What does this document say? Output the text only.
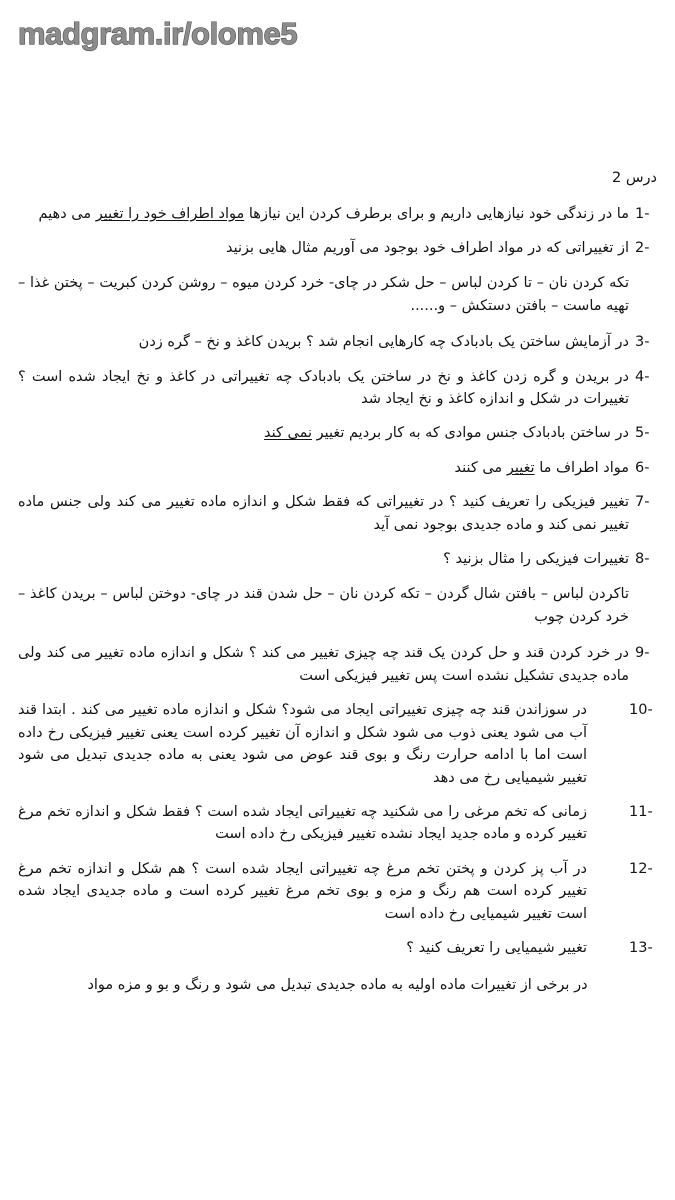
madgram.ir/olome5
درس 2
1-
ما در زندگی خود نیازهایی داریم و برای برطرف کردن این نیازها مواد اطراف خود را تغییر می دهیم
2-
از تغییراتی که در مواد اطراف خود بوجود می آوریم مثال هایی بزنید
تکه کردن نان – تا کردن لباس – حل شکر در چای- خرد کردن میوه – روشن کردن کبریت – پختن غذا – تهیه ماست – بافتن دستکش – و......
3-
در آزمایش ساختن یک بادبادک چه کارهایی انجام شد ؟ بریدن کاغذ و نخ – گره زدن
4-
در بریدن و گره زدن کاغذ و نخ در ساختن یک بادبادک چه تغییراتی در کاغذ و نخ ایجاد شده است ؟ تغییرات در شکل و اندازه کاغذ و نخ ایجاد شد
5-
در ساختن بادبادک جنس موادی که به کار بردیم تغییر نمی کند
6-
مواد اطراف ما تغییر می کنند
7-
تغییر فیزیکی را تعریف کنید ؟ در تغییراتی که فقط شکل و اندازه ماده تغییر می کند ولی جنس ماده تغییر نمی کند و ماده جدیدی بوجود نمی آید
8-
تغییرات فیزیکی را مثال بزنید ؟
تاکردن لباس – بافتن شال گردن – تکه کردن نان – حل شدن قند در چای- دوختن لباس – بریدن کاغذ – خرد کردن چوب
9-
در خرد کردن قند و حل کردن یک قند چه چیزی تغییر می کند ؟ شکل و اندازه ماده تغییر می کند ولی ماده جدیدی تشکیل نشده است پس تغییر فیزیکی است
10-
در سوزاندن قند چه چیزی تغییراتی ایجاد می شود؟ شکل و اندازه ماده تغییر می کند . ابتدا قند آب می شود یعنی ذوب می شود شکل و اندازه آن تغییر کرده است یعنی تغییر فیزیکی رخ داده است اما با ادامه حرارت رنگ و بوی قند عوض می شود یعنی به ماده جدیدی تبدیل می شود تغییر شیمیایی رخ می دهد
11-
زمانی که تخم مرغی را می شکنید چه تغییراتی ایجاد شده است ؟ فقط شکل و اندازه تخم مرغ تغییر کرده و ماده جدید ایجاد نشده تغییر فیزیکی رخ داده است
12-
در آب پز کردن و پختن تخم مرغ چه تغییراتی ایجاد شده است ؟ هم شکل و اندازه تخم مرغ تغییر کرده است هم رنگ و مزه و بوی تخم مرغ تغییر کرده است و ماده جدیدی ایجاد شده است تغییر شیمیایی رخ داده است
13-
تغییر شیمیایی را تعریف کنید ؟
در برخی از تغییرات ماده اولیه به ماده جدیدی تبدیل می شود و رنگ و بو و مزه مواد
